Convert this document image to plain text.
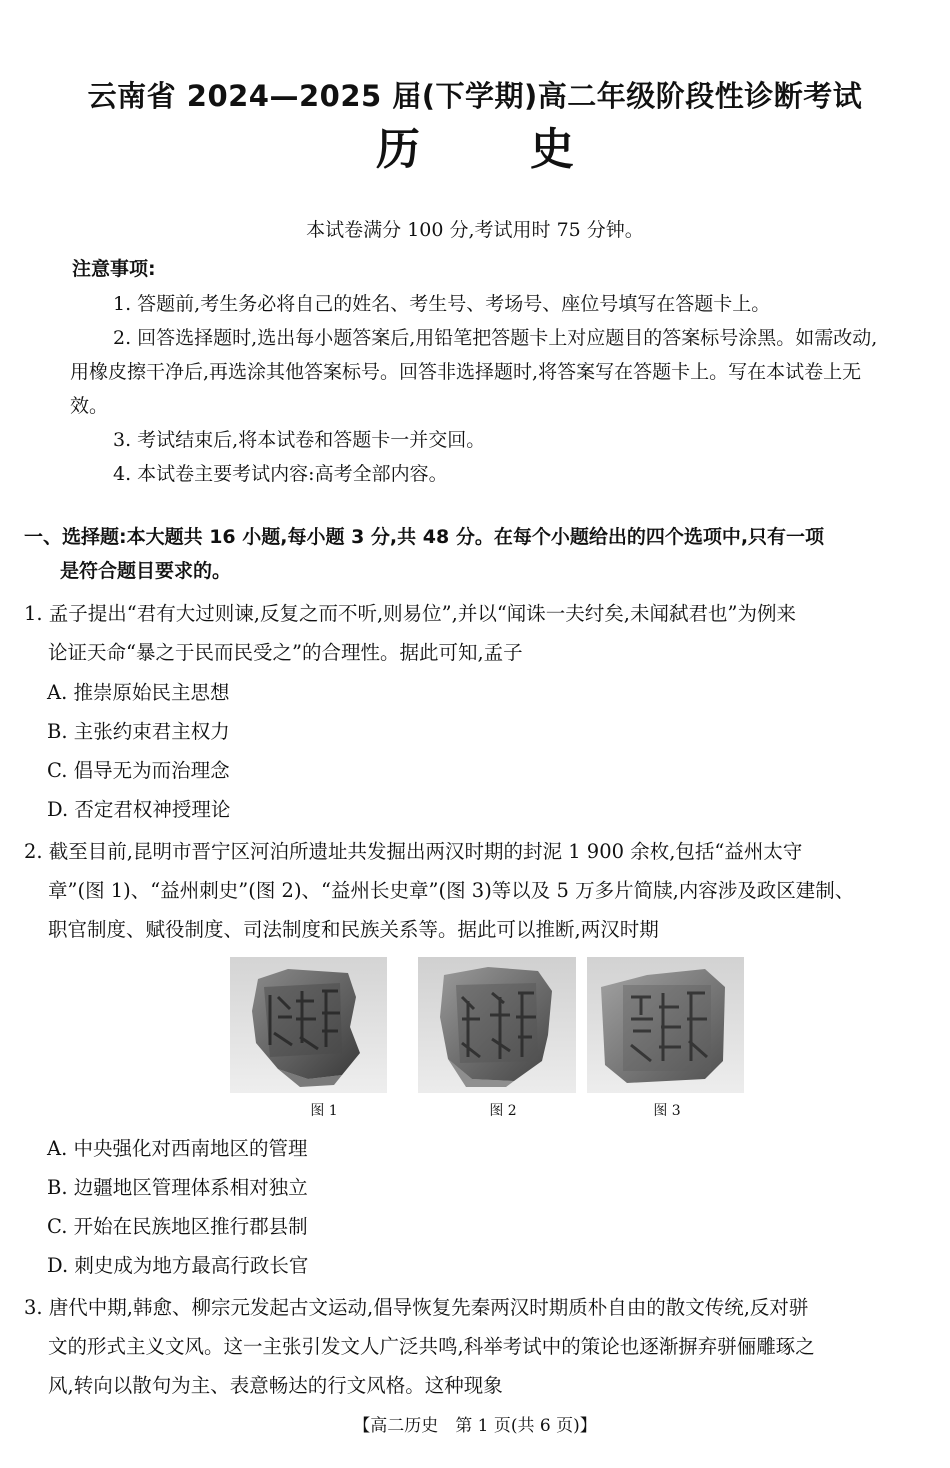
云南省 2024—2025 届(下学期)高二年级阶段性诊断考试
历史
本试卷满分 100 分,考试用时 75 分钟。
注意事项:

1. 答题前,考生务必将自己的姓名、考生号、考场号、座位号填写在答题卡上。

2. 回答选择题时,选出每小题答案后,用铅笔把答题卡上对应题目的答案标号涂黑。如需改动,用橡皮擦干净后,再选涂其他答案标号。回答非选择题时,将答案写在答题卡上。写在本试卷上无效。

3. 考试结束后,将本试卷和答题卡一并交回。

4. 本试卷主要考试内容:高考全部内容。

一、选择题:本大题共 16 小题,每小题 3 分,共 48 分。在每个小题给出的四个选项中,只有一项
是符合题目要求的。
1. 孟子提出“君有大过则谏,反复之而不听,则易位”,并以“闻诛一夫纣矣,未闻弑君也”为例来
论证天命“暴之于民而民受之”的合理性。据此可知,孟子
A. 推崇原始民主思想
B. 主张约束君主权力
C. 倡导无为而治理念
D. 否定君权神授理论
2. 截至目前,昆明市晋宁区河泊所遗址共发掘出两汉时期的封泥 1 900 余枚,包括“益州太守
章”(图 1)、“益州刺史”(图 2)、“益州长史章”(图 3)等以及 5 万多片简牍,内容涉及政区建制、
职官制度、赋役制度、司法制度和民族关系等。据此可以推断,两汉时期
图 1	图 2	图 3
A. 中央强化对西南地区的管理
B. 边疆地区管理体系相对独立
C. 开始在民族地区推行郡县制
D. 刺史成为地方最高行政长官
3. 唐代中期,韩愈、柳宗元发起古文运动,倡导恢复先秦两汉时期质朴自由的散文传统,反对骈
文的形式主义文风。这一主张引发文人广泛共鸣,科举考试中的策论也逐渐摒弃骈俪雕琢之
风,转向以散句为主、表意畅达的行文风格。这种现象
【高二历史　第 1 页(共 6 页)】
